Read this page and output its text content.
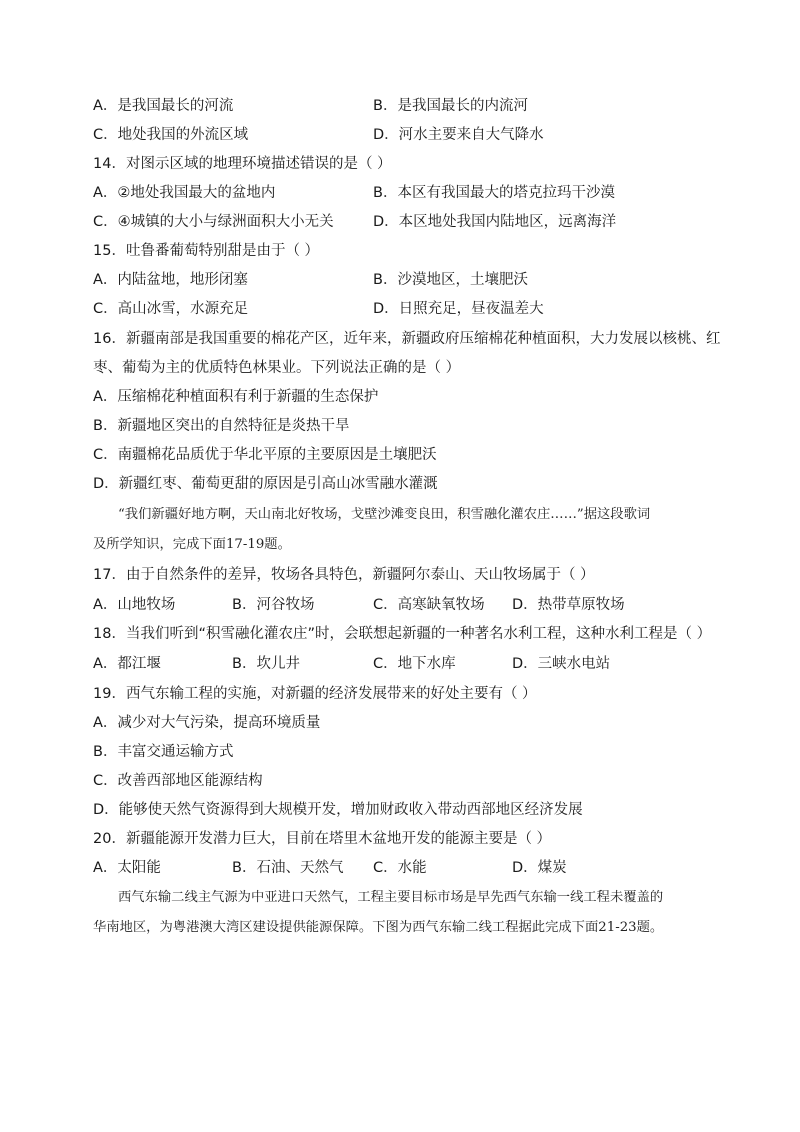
A．是我国最长的河流	B．是我国最长的内流河
C．地处我国的外流区域	D．河水主要来自大气降水
14．对图示区域的地理环境描述错误的是（ ）
A．②地处我国最大的盆地内	B．本区有我国最大的塔克拉玛干沙漠
C．④城镇的大小与绿洲面积大小无关	D．本区地处我国内陆地区，远离海洋
15．吐鲁番葡萄特别甜是由于（ ）
A．内陆盆地，地形闭塞	B．沙漠地区，土壤肥沃
C．高山冰雪，水源充足	D．日照充足，昼夜温差大
16．新疆南部是我国重要的棉花产区，近年来，新疆政府压缩棉花种植面积，大力发展以核桃、红
枣、葡萄为主的优质特色林果业。下列说法正确的是（ ）
A．压缩棉花种植面积有利于新疆的生态保护
B．新疆地区突出的自然特征是炎热干旱
C．南疆棉花品质优于华北平原的主要原因是土壤肥沃
D．新疆红枣、葡萄更甜的原因是引高山冰雪融水灌溉
“我们新疆好地方啊，天山南北好牧场，戈壁沙滩变良田，积雪融化灌农庄……”据这段歌词
及所学知识，完成下面17-19题。
17．由于自然条件的差异，牧场各具特色，新疆阿尔泰山、天山牧场属于（ ）
A．山地牧场	B．河谷牧场	C．高寒缺氧牧场 D．热带草原牧场
18．当我们听到“积雪融化灌农庄”时，会联想起新疆的一种著名水利工程，这种水利工程是（ ）
A．都江堰	B．坎儿井	C．地下水库	D．三峡水电站
19．西气东输工程的实施，对新疆的经济发展带来的好处主要有（ ）
A．减少对大气污染，提高环境质量
B．丰富交通运输方式
C．改善西部地区能源结构
D．能够使天然气资源得到大规模开发，增加财政收入带动西部地区经济发展
20．新疆能源开发潜力巨大，目前在塔里木盆地开发的能源主要是（ ）
A．太阳能	B．石油、天然气 C．水能	D．煤炭
西气东输二线主气源为中亚进口天然气，工程主要目标市场是早先西气东输一线工程未覆盖的
华南地区，为粤港澳大湾区建设提供能源保障。下图为西气东输二线工程据此完成下面21-23题。
